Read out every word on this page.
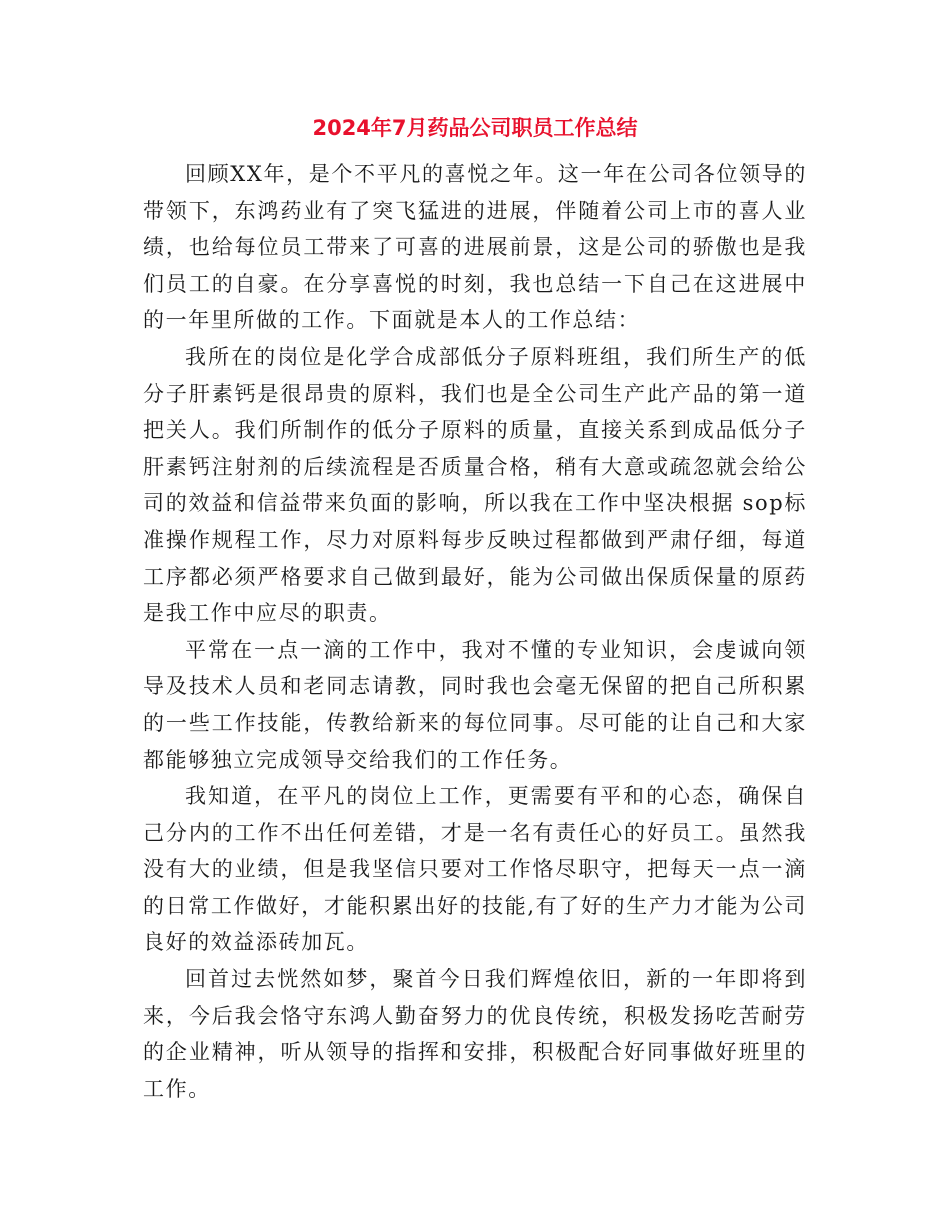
2024年7月药品公司职员工作总结

回顾XX年，是个不平凡的喜悦之年。这一年在公司各位领导的带领下，东鸿药业有了突飞猛进的进展，伴随着公司上市的喜人业绩，也给每位员工带来了可喜的进展前景，这是公司的骄傲也是我们员工的自豪。在分享喜悦的时刻，我也总结一下自己在这进展中的一年里所做的工作。下面就是本人的工作总结：

我所在的岗位是化学合成部低分子原料班组，我们所生产的低分子肝素钙是很昂贵的原料，我们也是全公司生产此产品的第一道把关人。我们所制作的低分子原料的质量，直接关系到成品低分子肝素钙注射剂的后续流程是否质量合格，稍有大意或疏忽就会给公司的效益和信益带来负面的影响，所以我在工作中坚决根据 sop标准操作规程工作，尽力对原料每步反映过程都做到严肃仔细，每道工序都必须严格要求自己做到最好，能为公司做出保质保量的原药是我工作中应尽的职责。

平常在一点一滴的工作中，我对不懂的专业知识，会虔诚向领导及技术人员和老同志请教，同时我也会毫无保留的把自己所积累的一些工作技能，传教给新来的每位同事。尽可能的让自己和大家都能够独立完成领导交给我们的工作任务。

我知道，在平凡的岗位上工作，更需要有平和的心态，确保自己分内的工作不出任何差错，才是一名有责任心的好员工。虽然我没有大的业绩，但是我坚信只要对工作恪尽职守，把每天一点一滴的日常工作做好，才能积累出好的技能,有了好的生产力才能为公司良好的效益添砖加瓦。

回首过去恍然如梦，聚首今日我们辉煌依旧，新的一年即将到来，今后我会恪守东鸿人勤奋努力的优良传统，积极发扬吃苦耐劳的企业精神，听从领导的指挥和安排，积极配合好同事做好班里的工作。
